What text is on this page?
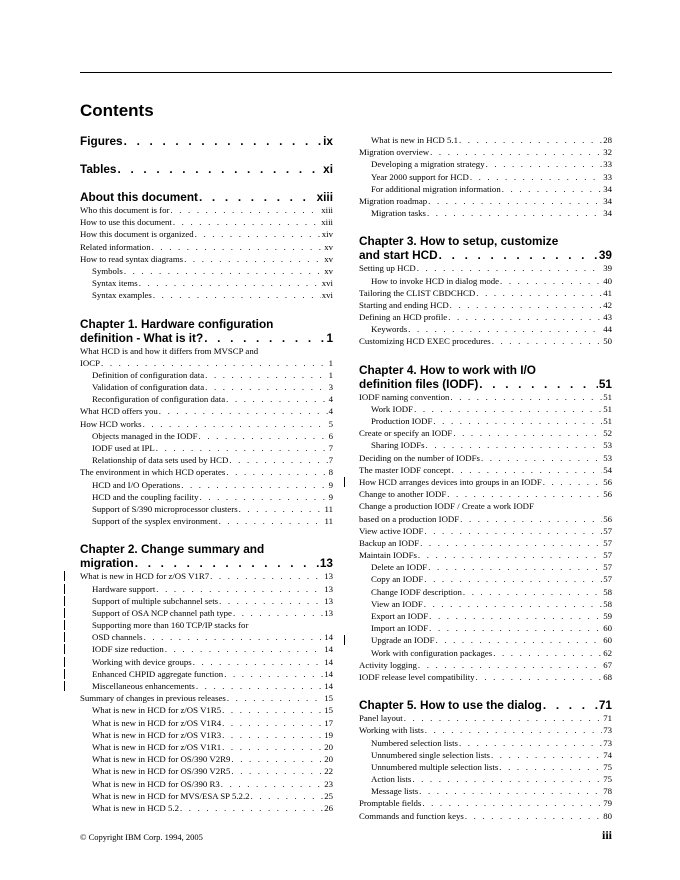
Contents
Figures . . .	ix
Tables . . .	xi
About this document . . .	xiii
Who this document is for . . .	xiii
How to use this document . . .	xiii
How this document is organized . . .	xiv
Related information . . .	xv
How to read syntax diagrams . . .	xv
Symbols . . .	xv
Syntax items . . .	xvi
Syntax examples . . .	xvi
Chapter 1. Hardware configuration
definition - What is it? . . .	1
What HCD is and how it differs from MVSCP and
IOCP . . .	1
Definition of configuration data . . .	1
Validation of configuration data . . .	3
Reconfiguration of configuration data . . .	4
What HCD offers you . . .	4
How HCD works . . .	5
Objects managed in the IODF . . .	6
IODF used at IPL . . .	7
Relationship of data sets used by HCD . . .	7
The environment in which HCD operates . . .	8
HCD and I/O Operations . . .	9
HCD and the coupling facility . . .	9
Support of S/390 microprocessor clusters . . .	11
Support of the sysplex environment . . .	11
Chapter 2. Change summary and
migration . . .	13
What is new in HCD for z/OS V1R7 . . .	13
Hardware support . . .	13
Support of multiple subchannel sets . . .	13
Support of OSA NCP channel path type . . .	13
Supporting more than 160 TCP/IP stacks for
OSD channels . . .	14
IODF size reduction . . .	14
Working with device groups . . .	14
Enhanced CHPID aggregate function . . .	14
Miscellaneous enhancements . . .	14
Summary of changes in previous releases . . .	15
What is new in HCD for z/OS V1R5 . . .	15
What is new in HCD for z/OS V1R4 . . .	17
What is new in HCD for z/OS V1R3 . . .	19
What is new in HCD for z/OS V1R1 . . .	20
What is new in HCD for OS/390 V2R9 . . .	20
What is new in HCD for OS/390 V2R5 . . .	22
What is new in HCD for OS/390 R3 . . .	23
What is new in HCD for MVS/ESA SP 5.2.2 . . .	25
What is new in HCD 5.2 . . .	26
What is new in HCD 5.1 . . .	28
Migration overview . . .	32
Developing a migration strategy . . .	33
Year 2000 support for HCD . . .	33
For additional migration information . . .	34
Migration roadmap . . .	34
Migration tasks . . .	34
Chapter 3. How to setup, customize
and start HCD . . .	39
Setting up HCD . . .	39
How to invoke HCD in dialog mode . . .	40
Tailoring the CLIST CBDCHCD . . .	41
Starting and ending HCD . . .	42
Defining an HCD profile . . .	43
Keywords . . .	44
Customizing HCD EXEC procedures . . .	50
Chapter 4. How to work with I/O
definition files (IODF) . . .	51
IODF naming convention . . .	51
Work IODF . . .	51
Production IODF . . .	51
Create or specify an IODF . . .	52
Sharing IODFs . . .	53
Deciding on the number of IODFs . . .	53
The master IODF concept . . .	54
How HCD arranges devices into groups in an IODF . . .	56
Change to another IODF . . .	56
Change a production IODF / Create a work IODF
based on a production IODF . . .	56
View active IODF . . .	57
Backup an IODF . . .	57
Maintain IODFs . . .	57
Delete an IODF . . .	57
Copy an IODF . . .	57
Change IODF description . . .	58
View an IODF . . .	58
Export an IODF . . .	59
Import an IODF . . .	60
Upgrade an IODF . . .	60
Work with configuration packages . . .	62
Activity logging . . .	67
IODF release level compatibility . . .	68
Chapter 5. How to use the dialog . . .	71
Panel layout . . .	71
Working with lists . . .	73
Numbered selection lists . . .	73
Unnumbered single selection lists . . .	74
Unnumbered multiple selection lists . . .	75
Action lists . . .	75
Message lists . . .	78
Promptable fields . . .	79
Commands and function keys . . .	80
© Copyright IBM Corp. 1994, 2005	iii
